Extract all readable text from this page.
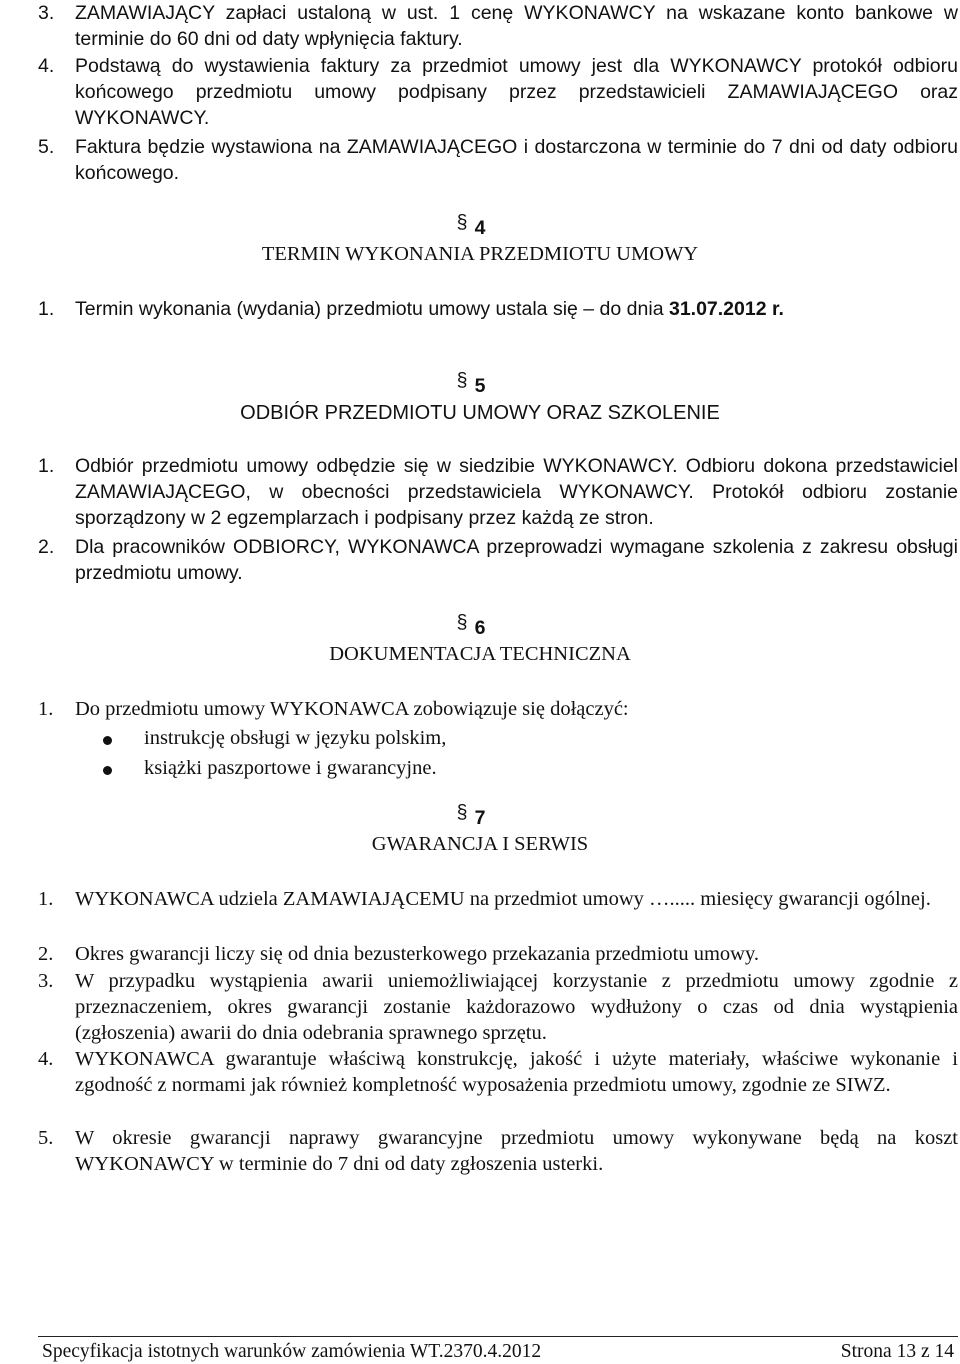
3. ZAMAWIAJĄCY zapłaci ustaloną w ust. 1 cenę WYKONAWCY na wskazane konto bankowe w terminie do 60 dni od daty wpłynięcia faktury.
4. Podstawą do wystawienia faktury za przedmiot umowy jest dla WYKONAWCY protokół odbioru końcowego przedmiotu umowy podpisany przez przedstawicieli ZAMAWIAJĄCEGO oraz WYKONAWCY.
5. Faktura będzie wystawiona na ZAMAWIAJĄCEGO i dostarczona w terminie do 7 dni od daty odbioru końcowego.
§ 4
TERMIN WYKONANIA PRZEDMIOTU UMOWY
1. Termin wykonania (wydania) przedmiotu umowy ustala się – do dnia 31.07.2012 r.
§ 5
ODBIÓR PRZEDMIOTU UMOWY ORAZ SZKOLENIE
1. Odbiór przedmiotu umowy odbędzie się w siedzibie WYKONAWCY. Odbioru dokona przedstawiciel ZAMAWIAJĄCEGO, w obecności przedstawiciela WYKONAWCY. Protokół odbioru zostanie sporządzony w 2 egzemplarzach i podpisany przez każdą ze stron.
2. Dla pracowników ODBIORCY, WYKONAWCA przeprowadzi wymagane szkolenia z zakresu obsługi przedmiotu umowy.
§ 6
DOKUMENTACJA TECHNICZNA
1. Do przedmiotu umowy WYKONAWCA zobowiązuje się dołączyć:
instrukcję obsługi w języku polskim,
książki paszportowe i gwarancyjne.
§ 7
GWARANCJA I SERWIS
1. WYKONAWCA udziela ZAMAWIAJĄCEMU na przedmiot umowy …..... miesięcy gwarancji ogólnej.
2. Okres gwarancji liczy się od dnia bezusterkowego przekazania przedmiotu umowy.
3. W przypadku wystąpienia awarii uniemożliwiającej korzystanie z przedmiotu umowy zgodnie z przeznaczeniem, okres gwarancji zostanie każdorazowo wydłużony o czas od dnia wystąpienia (zgłoszenia) awarii do dnia odebrania sprawnego sprzętu.
4. WYKONAWCA gwarantuje właściwą konstrukcję, jakość i użyte materiały, właściwe wykonanie i zgodność z normami jak również kompletność wyposażenia przedmiotu umowy, zgodnie ze SIWZ.
5. W okresie gwarancji naprawy gwarancyjne przedmiotu umowy wykonywane będą na koszt WYKONAWCY w terminie do 7 dni od daty zgłoszenia usterki.
Specyfikacja istotnych warunków zamówienia WT.2370.4.2012	Strona 13 z 14
